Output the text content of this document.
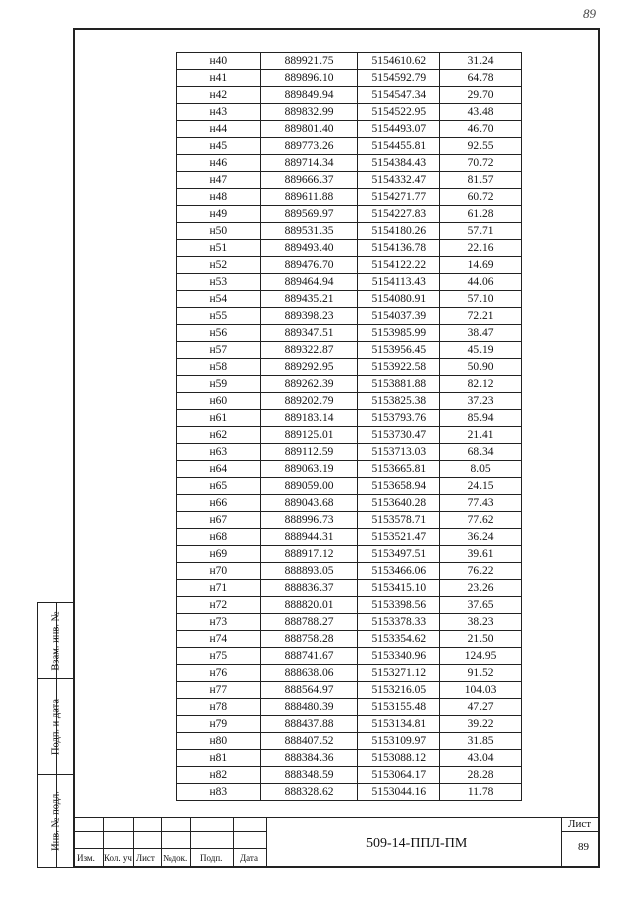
89
Взам. инв. №
Подп. и дата
Инв. № подл.
н40	889921.75	5154610.62	31.24
н41	889896.10	5154592.79	64.78
н42	889849.94	5154547.34	29.70
н43	889832.99	5154522.95	43.48
н44	889801.40	5154493.07	46.70
н45	889773.26	5154455.81	92.55
н46	889714.34	5154384.43	70.72
н47	889666.37	5154332.47	81.57
н48	889611.88	5154271.77	60.72
н49	889569.97	5154227.83	61.28
н50	889531.35	5154180.26	57.71
н51	889493.40	5154136.78	22.16
н52	889476.70	5154122.22	14.69
н53	889464.94	5154113.43	44.06
н54	889435.21	5154080.91	57.10
н55	889398.23	5154037.39	72.21
н56	889347.51	5153985.99	38.47
н57	889322.87	5153956.45	45.19
н58	889292.95	5153922.58	50.90
н59	889262.39	5153881.88	82.12
н60	889202.79	5153825.38	37.23
н61	889183.14	5153793.76	85.94
н62	889125.01	5153730.47	21.41
н63	889112.59	5153713.03	68.34
н64	889063.19	5153665.81	8.05
н65	889059.00	5153658.94	24.15
н66	889043.68	5153640.28	77.43
н67	888996.73	5153578.71	77.62
н68	888944.31	5153521.47	36.24
н69	888917.12	5153497.51	39.61
н70	888893.05	5153466.06	76.22
н71	888836.37	5153415.10	23.26
н72	888820.01	5153398.56	37.65
н73	888788.27	5153378.33	38.23
н74	888758.28	5153354.62	21.50
н75	888741.67	5153340.96	124.95
н76	888638.06	5153271.12	91.52
н77	888564.97	5153216.05	104.03
н78	888480.39	5153155.48	47.27
н79	888437.88	5153134.81	39.22
н80	888407.52	5153109.97	31.85
н81	888384.36	5153088.12	43.04
н82	888348.59	5153064.17	28.28
н83	888328.62	5153044.16	11.78
Изм. Кол. уч Лист №док. Подп. Дата
509-14-ППЛ-ПМ
Лист
89
